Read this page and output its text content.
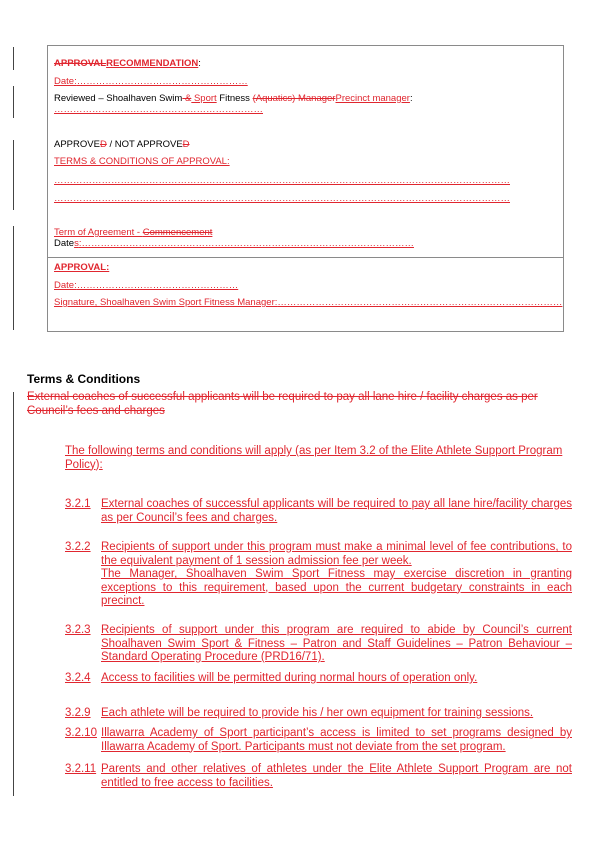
APPROVALRECOMMENDATION:
Date:………………………………………………
Reviewed – Shoalhaven Swim & Sport Fitness (Aquatics) ManagerPrecinct manager:
…………………………………………………………
APPROVED / NOT APPROVED
TERMS & CONDITIONS OF APPROVAL:
………………………………………………………………………………………………………………………………
………………………………………………………………………………………………………………………………
Term of Agreement - Commencement
Dates:……………………………………………………………………………………………
APPROVAL:
Date:……………………………………………
Signature, Shoalhaven Swim Sport Fitness Manager:………………………………………………………………………………
Terms & Conditions
External coaches of successful applicants will be required to pay all lane hire / facility charges as per Council’s fees and charges
The following terms and conditions will apply (as per Item 3.2 of the Elite Athlete Support Program Policy):
3.2.1 External coaches of successful applicants will be required to pay all lane hire/facility charges as per Council’s fees and charges.
3.2.2 Recipients of support under this program must make a minimal level of fee contributions, to the equivalent payment of 1 session admission fee per week.
The Manager, Shoalhaven Swim Sport Fitness may exercise discretion in granting exceptions to this requirement, based upon the current budgetary constraints in each precinct.
3.2.3 Recipients of support under this program are required to abide by Council’s current Shoalhaven Swim Sport & Fitness – Patron and Staff Guidelines – Patron Behaviour – Standard Operating Procedure (PRD16/71).
3.2.4 Access to facilities will be permitted during normal hours of operation only.
3.2.9 Each athlete will be required to provide his / her own equipment for training sessions.
3.2.10 Illawarra Academy of Sport participant’s access is limited to set programs designed by Illawarra Academy of Sport. Participants must not deviate from the set program.
3.2.11 Parents and other relatives of athletes under the Elite Athlete Support Program are not entitled to free access to facilities.
